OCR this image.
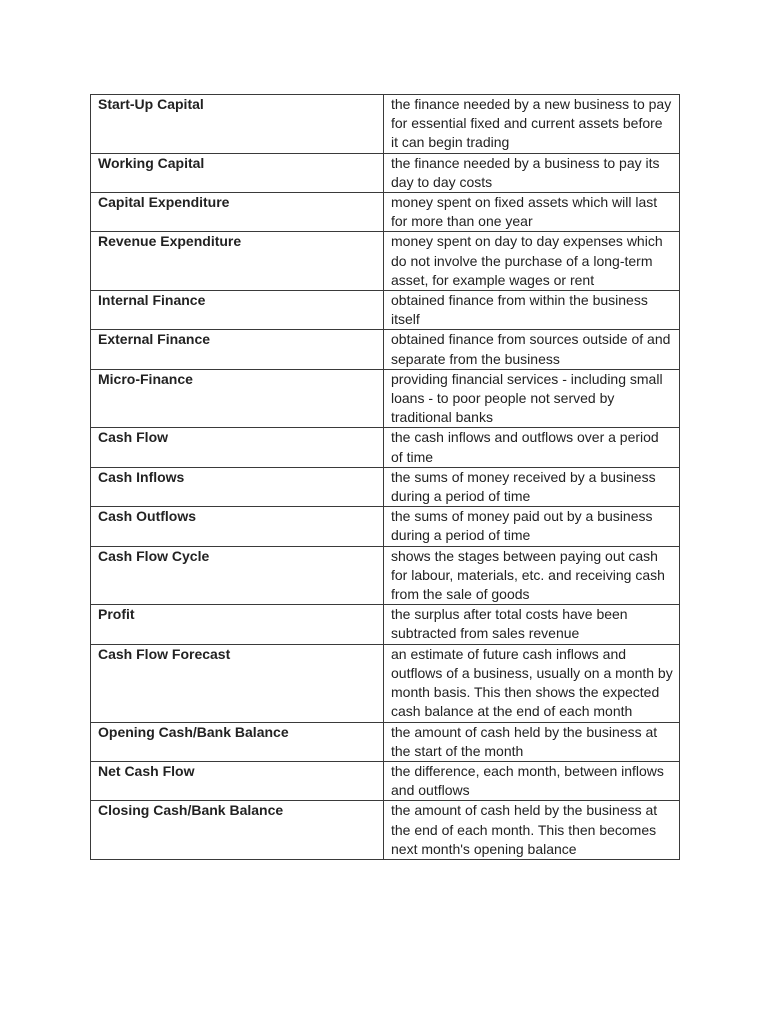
Start-Up Capital	the finance needed by a new business to pay for essential fixed and current assets before it can begin trading
Working Capital	the finance needed by a business to pay its day to day costs
Capital Expenditure	money spent on fixed assets which will last for more than one year
Revenue Expenditure	money spent on day to day expenses which do not involve the purchase of a long-term asset, for example wages or rent
Internal Finance	obtained finance from within the business itself
External Finance	obtained finance from sources outside of and separate from the business
Micro-Finance	providing financial services - including small loans - to poor people not served by traditional banks
Cash Flow	the cash inflows and outflows over a period of time
Cash Inflows	the sums of money received by a business during a period of time
Cash Outflows	the sums of money paid out by a business during a period of time
Cash Flow Cycle	shows the stages between paying out cash for labour, materials, etc. and receiving cash from the sale of goods
Profit	the surplus after total costs have been subtracted from sales revenue
Cash Flow Forecast	an estimate of future cash inflows and outflows of a business, usually on a month by month basis. This then shows the expected cash balance at the end of each month
Opening Cash/Bank Balance	the amount of cash held by the business at the start of the month
Net Cash Flow	the difference, each month, between inflows and outflows
Closing Cash/Bank Balance	the amount of cash held by the business at the end of each month. This then becomes next month's opening balance
